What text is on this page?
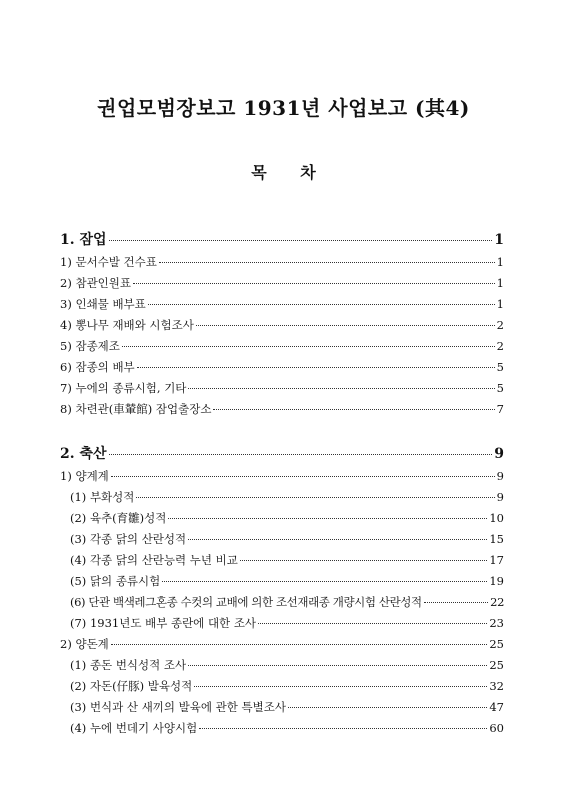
권업모범장보고 1931년 사업보고 (其4)
목 차
1. 잠업	1
1) 문서수발 건수표	1
2) 참관인원표	1
3) 인쇄물 배부표	1
4) 뽕나무 재배와 시험조사	2
5) 잠종제조	2
6) 잠종의 배부	5
7) 누에의 종류시험, 기타	5
8) 차련관(車輦館) 잠업출장소	7
2. 축산	9
1) 양계계	9
(1) 부화성적	9
(2) 육추(育雛)성적	10
(3) 각종 닭의 산란성적	15
(4) 각종 닭의 산란능력 누년 비교	17
(5) 닭의 종류시험	19
(6) 단관 백색레그혼종 수컷의 교배에 의한 조선재래종 개량시험 산란성적	22
(7) 1931년도 배부 종란에 대한 조사	23
2) 양돈계	25
(1) 종돈 번식성적 조사	25
(2) 자돈(仔豚) 발육성적	32
(3) 번식과 산 새끼의 발육에 관한 특별조사	47
(4) 누에 번데기 사양시험	60
